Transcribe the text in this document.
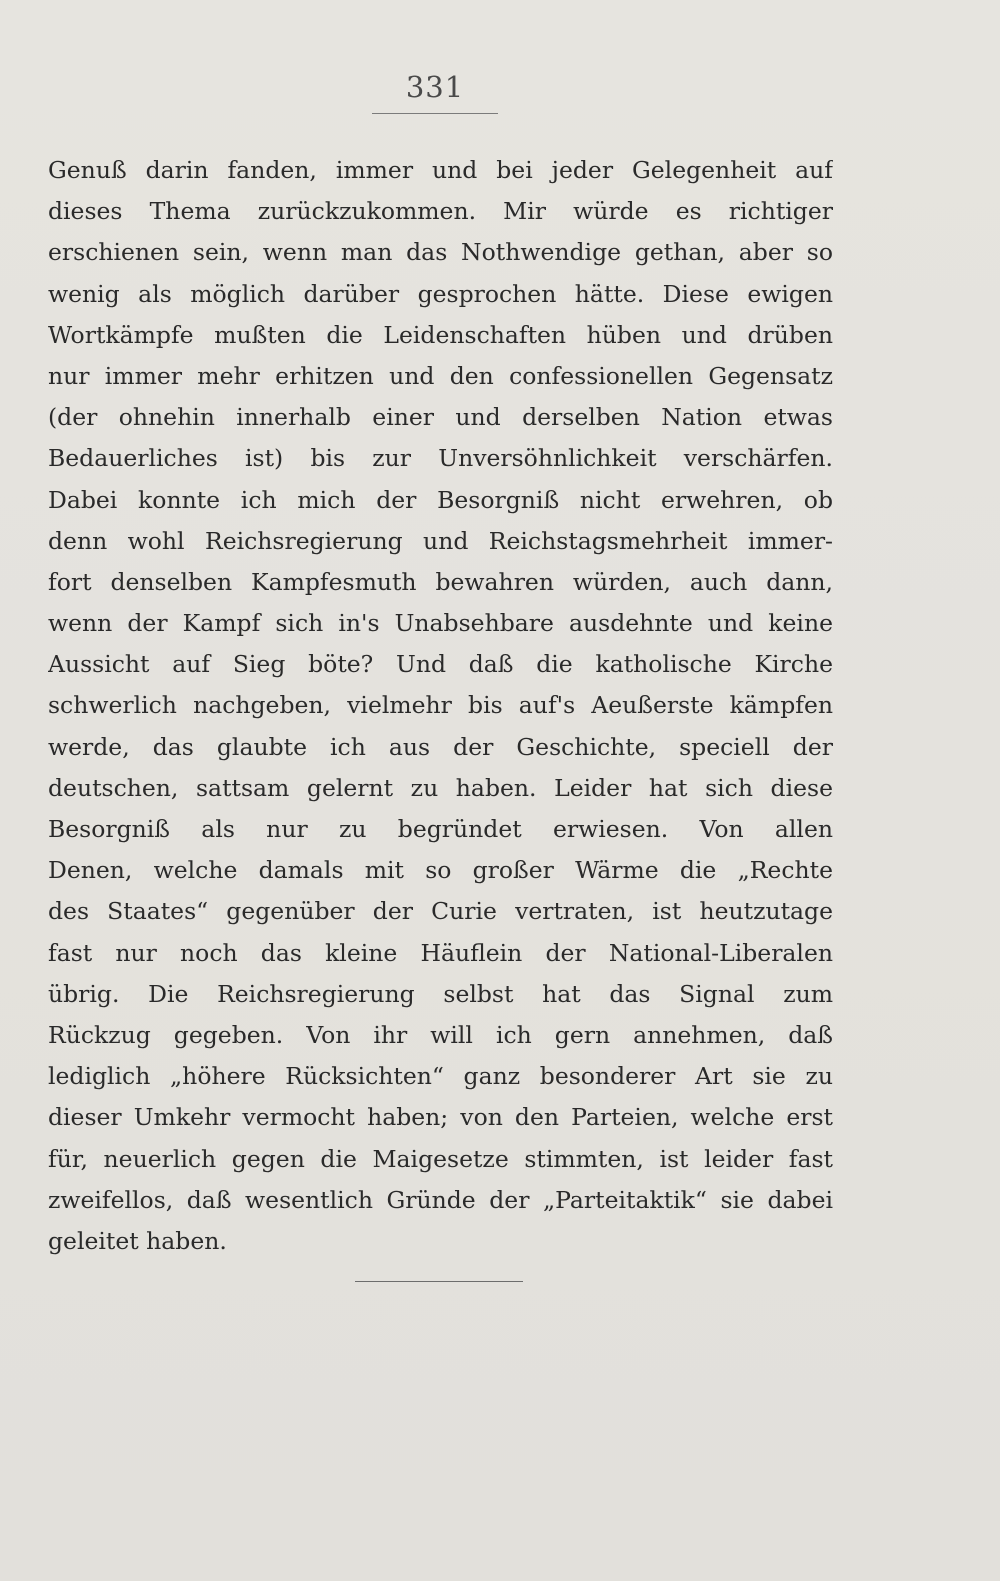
331
Genuß darin fanden, immer und bei jeder Gelegenheit auf
dieses Thema zurückzukommen. Mir würde es richtiger
erschienen sein, wenn man das Nothwendige gethan, aber so
wenig als möglich darüber gesprochen hätte. Diese ewigen
Wortkämpfe mußten die Leidenschaften hüben und drüben
nur immer mehr erhitzen und den confessionellen Gegensatz
(der ohnehin innerhalb einer und derselben Nation etwas
Bedauerliches ist) bis zur Unversöhnlichkeit verschärfen.
Dabei konnte ich mich der Besorgniß nicht erwehren, ob
denn wohl Reichsregierung und Reichstagsmehrheit immer-
fort denselben Kampfesmuth bewahren würden, auch dann,
wenn der Kampf sich in's Unabsehbare ausdehnte und keine
Aussicht auf Sieg böte? Und daß die katholische Kirche
schwerlich nachgeben, vielmehr bis auf's Aeußerste kämpfen
werde, das glaubte ich aus der Geschichte, speciell der
deutschen, sattsam gelernt zu haben. Leider hat sich diese
Besorgniß als nur zu begründet erwiesen. Von allen
Denen, welche damals mit so großer Wärme die „Rechte
des Staates“ gegenüber der Curie vertraten, ist heutzutage
fast nur noch das kleine Häuflein der National-Liberalen
übrig. Die Reichsregierung selbst hat das Signal zum
Rückzug gegeben. Von ihr will ich gern annehmen, daß
lediglich „höhere Rücksichten“ ganz besonderer Art sie zu
dieser Umkehr vermocht haben; von den Parteien, welche erst
für, neuerlich gegen die Maigesetze stimmten, ist leider fast
zweifellos, daß wesentlich Gründe der „Parteitaktik“ sie dabei
geleitet haben.
